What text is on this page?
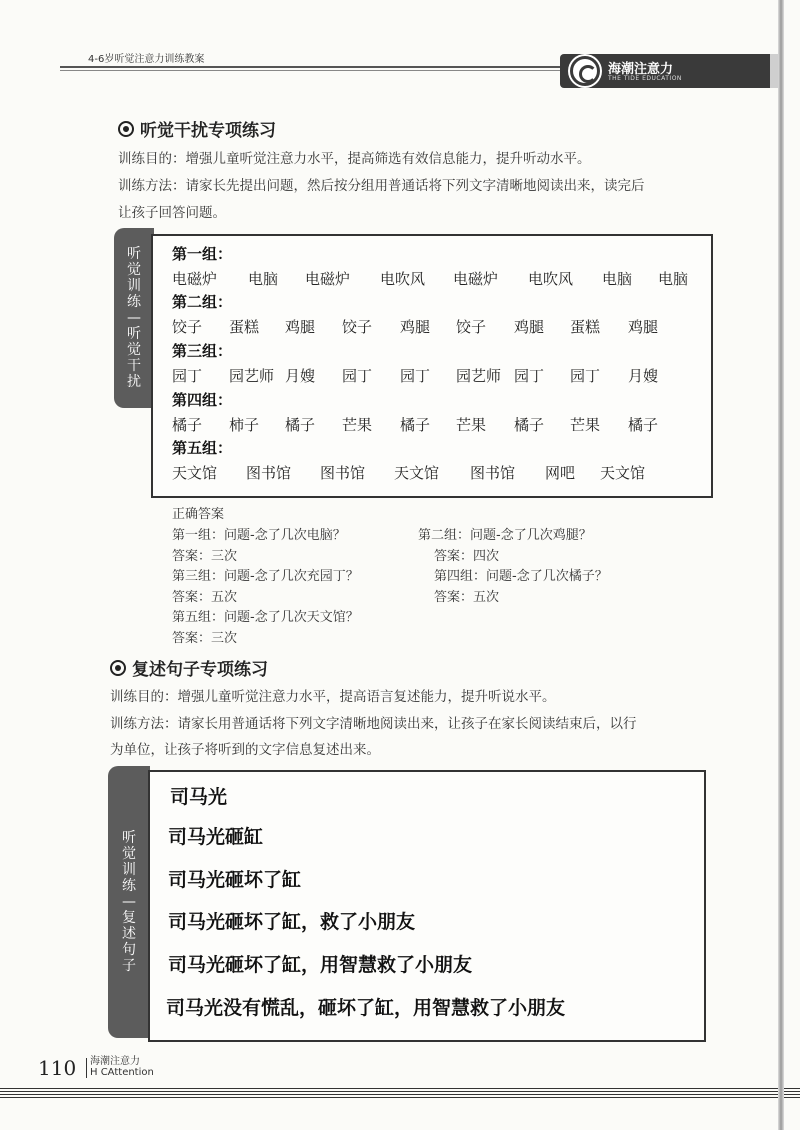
4-6岁听觉注意力训练教案
海潮注意力
THE TIDE EDUCATION
听觉干扰专项练习
训练目的：增强儿童听觉注意力水平，提高筛选有效信息能力，提升听动水平。
训练方法：请家长先提出问题，然后按分组用普通话将下列文字清晰地阅读出来，读完后
让孩子回答问题。
听
觉
训
练
—
听
觉
干
扰
第一组：
电磁炉 电脑 电磁炉 电吹风 电磁炉 电吹风 电脑 电脑
第二组：
饺子 蛋糕 鸡腿 饺子 鸡腿 饺子 鸡腿 蛋糕 鸡腿
第三组：
园丁 园艺师 月嫂 园丁 园丁 园艺师 园丁 园丁 月嫂
第四组：
橘子 柿子 橘子 芒果 橘子 芒果 橘子 芒果 橘子
第五组：
天文馆 图书馆 图书馆 天文馆 图书馆 网吧 天文馆
正确答案
第一组：问题-念了几次电脑？
答案：三次
第三组：问题-念了几次充园丁？
答案：五次
第五组：问题-念了几次天文馆？
答案：三次
第二组：问题-念了几次鸡腿？
答案：四次
第四组：问题-念了几次橘子？
答案：五次
复述句子专项练习
训练目的：增强儿童听觉注意力水平，提高语言复述能力，提升听说水平。
训练方法：请家长用普通话将下列文字清晰地阅读出来，让孩子在家长阅读结束后，以行
为单位，让孩子将听到的文字信息复述出来。
听
觉
训
练
—
复
述
句
子
司马光
司马光砸缸
司马光砸坏了缸
司马光砸坏了缸，救了小朋友
司马光砸坏了缸，用智慧救了小朋友
司马光没有慌乱，砸坏了缸，用智慧救了小朋友
110 海潮注意力
H CAttention
